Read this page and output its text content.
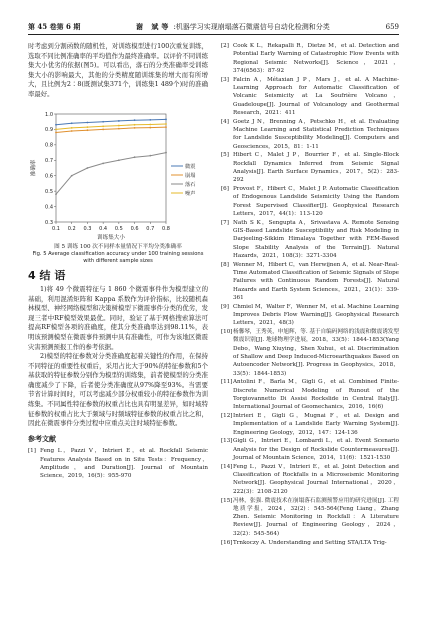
第 45 卷第 6 期	谢 斌等 :机器学习实现崩塌落石微震信号自动化检测和分类	659

时考虑到分割函数的随机性，对训练模型进行100次重复训练，选取不同比例准确率的平均值作为最终准确率。以评价不同训练集大小优劣的依据(图5)。可以看出，落石的分类准确率受训练集大小的影响最大，其他的分类精度随训练集的增大而有所增大，且比例为2∶8(既测试集371个，训练集1 489个)时的准确率最好。

0.3
0.4
0.5
0.6
0.7
0.8
0.9
1.0
0.1 0.2 0.3 0.4 0.5 0.6 0.7 0.8
训练集大小
准确率	微震
崩塌
落石
噪声

图 5 训练 100 次不同样本量情况下平均分类准确率

Fig. 5 Average classification accuracy under 100 training sessions with different sample sizes

4 结 语

1)将 49 个微震特征与 1 860 个微震事件作为模型建立的基础，利用混淆矩阵和 Kappa 系数作为评价指标，比较随机森林模型、神经网络模型和决策树模型下微震事件分类的优劣，发现三者中RF模型效果最优。同时，验证了基于网格搜索算法可提高RF模型各项的准确度，使其分类准确率达到98.11%，表明该预测模型在微震事件预测中具有准确性，可作为该地区微震灾害预测预报工作的参考依据。

2)模型的特征参数对分类准确度起着关键性的作用，在保持不同特征的重要性权重后，采用占比大于90%的特征参数和5个基获取的特征参数分别作为模型的训练集，前者使模型的分类准确度减少了下降，后者使分类准确度从97%降至93%。当需要节省计算时间时，可以考虑减少部分权重较小的特征参数作为训练集。不同属性特征参数的权重占比也具有明显差异，如时域特征参数的权重占比大于频域与时频域特征参数的权重占比之和，因此在微震事件分类过程中应重点关注时域特征参数。

参考文献
[1] Feng L，Pazzi V，Intrieri E，et al. Rockfall Seismic Features Analysis Based on in Situ Tests：Frequency，Amplitude，and Duration[J]. Journal of Mountain Science，2019，16(5)：955-970
[2] Cook K L，Rekapalli R，Dietze M，et al. Detection and Potential Early Warning of Catastrophic Flow Events with Regional Seismic Networks[J]. Science，2021，374(6563)：87-92
[3] Falcin A，Métaxian J P，Mars J，et al. A Machine-Learning Approach for Automatic Classification of Volcanic Seismicity at La Soufrière Volcano，Guadeloupe[J]. Journal of Volcanology and Geothermal Research，2021：411
[4] Goetz J N，Brenning A，Petschko H，et al. Evaluating Machine Learning and Statistical Prediction Techniques for Landslide Susceptibility Modeling[J]. Computers and Geosciences，2015，81：1-11
[5] Hibert C，Malet J P，Bourrier F，et al. Single-Block Rockfall Dynamics Inferred from Seismic Signal Analysis[J]. Earth Surface Dynamics，2017，5(2)：283-292
[6] Provost F，Hibert C，Malet J P. Automatic Classification of Endogenous Landslide Seismicity Using the Random Forest Supervised Classifier[J]. Geophysical Research Letters，2017，44(1)：113-120
[7] Nath S K，Sengupta A，Srivastava A. Remote Sensing GIS-Based Landslide Susceptibility and Risk Modeling in Darjeeling-Sikkim Himalaya Together with FEM-Based Slope Stability Analysis of the Terrain[J]. Natural Hazards，2021，108(3)：3271-3304
[8] Wenner M，Hibert C，van Herwijnen A，et al. Near-Real-Time Automated Classification of Seismic Signals of Slope Failures with Continuous Random Forests[J]. Natural Hazards and Earth System Sciences，2021，21(1)：339-361
[9] Chmiel M，Walter F，Wenner M，et al. Machine Learning Improves Debris Flow Warning[J]. Geophysical Research Letters，2021，48(3)
[10] 杨馨琴，王秀英，申旭辉，等. 基于自编码网络的浅震和微震诱发型微震识别[J]. 地球物理学进展，2018，33(5)：1844-1853(Yang Debo，Wang Xiuying，Shen Xuhui，et al. Discrimination of Shallow and Deep Induced-Microearthquakes Based on Autoencoder Network[J]. Progress in Geophysics，2018，33(5)：1844-1853)
[11] Antolini F，Barla M，Gigli G，et al. Combined Finite-Discrete Numerical Modeling of Runout of the Torgiovannetto Di Assisi Rockslide in Central Italy[J]. International Journal of Geomechanics，2016，16(6)
[12] Intrieri E，Gigli G，Mugnai F，et al. Design and Implementation of a Landslide Early Warning System[J]. Engineering Geology，2012，147：124-136
[13] Gigli G，Intrieri E，Lombardi L，et al. Event Scenario Analysis for the Design of Rockslide Countermeasures[J]. Journal of Mountain Science，2014，11(6)：1521-1530
[14] Feng L，Pazzi V，Intrieri E，et al. Joint Detection and Classification of Rockfalls in a Microseismic Monitoring Network[J]. Geophysical Journal International，2020，222(3)：2108-2120
[15] 冯林，张强. 微震技术在崩塌落石监测预警应用的研究进展[J]. 工程地质学报，2024，32(2)：545-564(Feng Liang，Zhang Zhen. Seismic Monitoring in Rockfall：A Literature Review[J]. Journal of Engineering Geology，2024，32(2)：545-564)
[16] Trnkoczy A. Understanding and Setting STA/LTA Trig-
